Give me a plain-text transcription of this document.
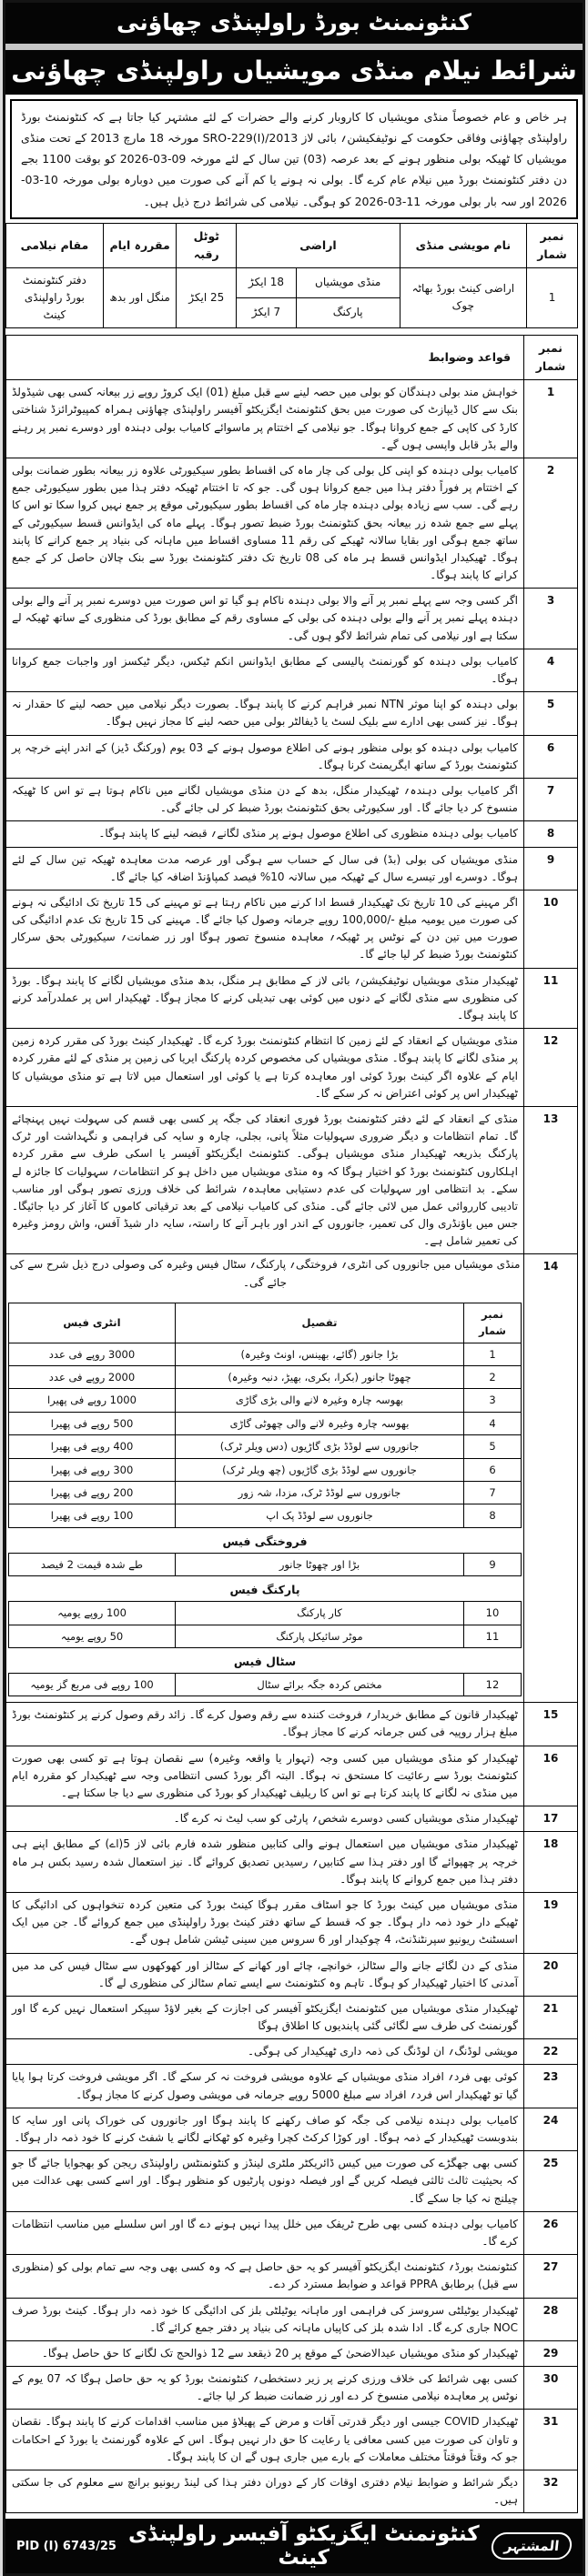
کنٹونمنٹ بورڈ راولپنڈی چھاؤنی
شرائط نیلام منڈی مویشیاں راولپنڈی چھاؤنی
ہر خاص و عام خصوصاً منڈی مویشیاں کا کاروبار کرنے والے حضرات کے لئے مشتہر کیا جاتا ہے کہ کنٹونمنٹ بورڈ راولپنڈی چھاؤنی وفاقی حکومت کے نوٹیفکیشن؍ بائی لاز SRO-229(I)/2013 مورخہ 18 مارچ 2013 کے تحت منڈی مویشیاں کا ٹھیکہ بولی منظور ہونے کے بعد عرصہ (03) تین سال کے لئے مورخہ 09-03-2026 کو بوقت 1100 بجے دن دفتر کنٹونمنٹ بورڈ میں نیلام عام کرے گا۔ بولی نہ ہونے یا کم آنے کی صورت میں دوبارہ بولی مورخہ 10-03-2026 اور سہ بار بولی مورخہ 11-03-2026 کو ہوگی۔ نیلامی کی شرائط درج ذیل ہیں۔
نمبر شمار	نام مویشی منڈی	اراضی		ٹوٹل رقبہ	مقررہ ایام	مقام نیلامی
1	اراضی کینٹ بورڈ بھاٹہ چوک	منڈی مویشیاں	18 ایکڑ	25 ایکڑ	منگل اور بدھ	دفتر کنٹونمنٹ بورڈ راولپنڈی کینٹ
		پارکنگ	7 ایکڑ			
نمبر شمار	قواعد وضوابط
1	خواہش مند بولی دہندگان کو بولی میں حصہ لینے سے قبل مبلغ (01) ایک کروڑ روپے زر بیعانہ کسی بھی شیڈولڈ بنک سے کال ڈیپازٹ کی صورت میں بحق کنٹونمنٹ ایگزیکٹو آفیسر راولپنڈی چھاؤنی ہمراہ کمپیوٹرائزڈ شناختی کارڈ کی کاپی کے جمع کروانا ہوگا۔ جو نیلامی کے اختتام پر ماسوائے کامیاب بولی دہندہ اور دوسرے نمبر پر رہنے والے بڈر قابل واپسی ہوں گے۔
2	کامیاب بولی دہندہ کو اپنی کل بولی کی چار ماہ کی اقساط بطور سیکیورٹی علاوہ زر بیعانہ بطور ضمانت بولی کے اختتام پر فوراً دفتر ہذا میں جمع کروانا ہوں گی۔ جو کہ تا اختتام ٹھیکہ دفتر ہذا میں بطور سیکیورٹی جمع رہے گی۔ سب سے زیادہ بولی دہندہ چار ماہ کی اقساط بطور سیکیورٹی موقع پر جمع نہیں کروا سکا تو اس کا پہلے سے جمع شدہ زر بیعانہ بحق کنٹونمنٹ بورڈ ضبط تصور ہوگا۔ پہلے ماہ کی ایڈوانس قسط سیکیورٹی کے ساتھ جمع ہوگی اور بقایا سالانہ ٹھیکے کی رقم 11 مساوی اقساط میں ماہانہ کی بنیاد پر جمع کرانے کا پابند ہوگا۔ ٹھیکیدار ایڈوانس قسط ہر ماہ کی 08 تاریخ تک دفتر کنٹونمنٹ بورڈ سے بنک چالان حاصل کر کے جمع کرانے کا پابند ہوگا۔
3	اگر کسی وجہ سے پہلے نمبر پر آنے والا بولی دہندہ ناکام ہو گیا تو اس صورت میں دوسرے نمبر پر آنے والے بولی دہندہ پہلے نمبر پر آنے والے بولی دہندہ کی بولی کے مساوی رقم کے مطابق بورڈ کی منظوری کے ساتھ ٹھیکہ لے سکتا ہے اور نیلامی کی تمام شرائط لاگو ہوں گی۔
4	کامیاب بولی دہندہ کو گورنمنٹ پالیسی کے مطابق ایڈوانس انکم ٹیکس، دیگر ٹیکسز اور واجبات جمع کروانا ہوگا۔
5	بولی دہندہ کو اپنا موثر NTN نمبر فراہم کرنے کا پابند ہوگا۔ بصورت دیگر نیلامی میں حصہ لینے کا حقدار نہ ہوگا۔ نیز کسی بھی ادارے سے بلیک لسٹ یا ڈیفالٹر بولی میں حصہ لینے کا مجاز نہیں ہوگا۔
6	کامیاب بولی دہندہ کو بولی منظور ہونے کی اطلاع موصول ہونے کے 03 یوم (ورکنگ ڈیز) کے اندر اپنے خرچہ پر کنٹونمنٹ بورڈ کے ساتھ ایگریمنٹ کرنا ہوگا۔
7	اگر کامیاب بولی دہندہ؍ ٹھیکیدار منگل، بدھ کے دن منڈی مویشیاں لگانے میں ناکام ہوتا ہے تو اس کا ٹھیکہ منسوخ کر دیا جائے گا۔ اور سکیورٹی بحق کنٹونمنٹ بورڈ ضبط کر لی جائے گی۔
8	کامیاب بولی دہندہ منظوری کی اطلاع موصول ہونے پر منڈی لگانے؍ قبضہ لینے کا پابند ہوگا۔
9	منڈی مویشیاں کی بولی (بڈ) فی سال کے حساب سے ہوگی اور عرصہ مدت معاہدہ ٹھیکہ تین سال کے لئے ہوگا۔ دوسرے اور تیسرے سال کے ٹھیکہ میں سالانہ 10% فیصد کمپاؤنڈ اضافہ کیا جائے گا۔
10	اگر مہینے کی 10 تاریخ تک ٹھیکیدار قسط ادا کرنے میں ناکام رہتا ہے تو مہینے کی 15 تاریخ تک ادائیگی نہ ہونے کی صورت میں یومیہ مبلغ ‎100,000/-‎ روپے جرمانہ وصول کیا جائے گا۔ مہینے کی 15 تاریخ تک عدم ادائیگی کی صورت میں تین دن کے نوٹس پر ٹھیکہ؍ معاہدہ منسوخ تصور ہوگا اور زر ضمانت؍ سیکیورٹی بحق سرکار کنٹونمنٹ بورڈ ضبط کر لیا جائے گا۔
11	ٹھیکیدار منڈی مویشیاں نوٹیفکیشن؍ بائی لاز کے مطابق ہر منگل، بدھ منڈی مویشیاں لگانے کا پابند ہوگا۔ بورڈ کی منظوری سے منڈی لگانے کے دنوں میں کوئی بھی تبدیلی کرنے کا مجاز ہوگا۔ ٹھیکیدار اس پر عملدرآمد کرنے کا پابند ہوگا۔
12	منڈی مویشیاں کے انعقاد کے لئے زمین کا انتظام کنٹونمنٹ بورڈ کرے گا۔ ٹھیکیدار کینٹ بورڈ کی مقرر کردہ زمین پر منڈی لگانے کا پابند ہوگا۔ منڈی مویشیاں کی مخصوص کردہ پارکنگ ایریا کی زمین پر منڈی کے لئے مقرر کردہ ایام کے علاوہ اگر کینٹ بورڈ کوئی اور معاہدہ کرتا ہے یا کوئی اور استعمال میں لاتا ہے تو منڈی مویشیاں کا ٹھیکیدار اس پر کوئی اعتراض نہ کر سکے گا۔
13	منڈی کے انعقاد کے لئے دفتر کنٹونمنٹ بورڈ فوری انعقاد کی جگہ پر کسی بھی قسم کی سہولت نہیں پہنچائے گا۔ تمام انتظامات و دیگر ضروری سہولیات مثلاً پانی، بجلی، چارہ و سایہ کی فراہمی و نگہداشت اور ٹرک پارکنگ بذریعہ ٹھیکیدار منڈی مویشیاں ہوگی۔ کنٹونمنٹ ایگزیکٹو آفیسر یا اسکی طرف سے مقرر کردہ اہلکاروں کنٹونمنٹ بورڈ کو اختیار ہوگا کہ وہ منڈی مویشیاں میں داخل ہو کر انتظامات؍ سہولیات کا جائزہ لے سکے۔ بد انتظامی اور سہولیات کی عدم دستیابی معاہدہ؍ شرائط کی خلاف ورزی تصور ہوگی اور مناسب تادیبی کارروائی عمل میں لائی جائے گی۔ منڈی کی کامیاب نیلامی کے بعد ترقیاتی کاموں کا آغاز کر دیا جائیگا۔ جس میں باؤنڈری وال کی تعمیر، جانوروں کے اندر اور باہر آنے کا راستہ، سایہ دار شیڈ آفس، واش رومز وغیرہ کی تعمیر شامل ہے۔
14	
منڈی مویشیاں میں جانوروں کی انٹری؍ فروختگی؍ پارکنگ؍ سٹال فیس وغیرہ کی وصولی درج ذیل شرح سے کی جائے گی۔
نمبر شمار	تفصیل	انٹری فیس
1	بڑا جانور (گائے، بھینس، اونٹ وغیرہ)	3000 روپے فی عدد
2	چھوٹا جانور (بکرا، بکری، بھیڑ، دنبہ وغیرہ)	2000 روپے فی عدد
3	بھوسہ چارہ وغیرہ لانے والی بڑی گاڑی	1000 روپے فی پھیرا
4	بھوسہ چارہ وغیرہ لانے والی چھوٹی گاڑی	500 روپے فی پھیرا
5	جانوروں سے لوڈڈ بڑی گاڑیوں (دس ویلر ٹرک)	400 روپے فی پھیرا
6	جانوروں سے لوڈڈ بڑی گاڑیوں (چھ ویلر ٹرک)	300 روپے فی پھیرا
7	جانوروں سے لوڈڈ ٹرک، مزدا، شہ زور	200 روپے فی پھیرا
8	جانوروں سے لوڈڈ پک اپ	100 روپے فی پھیرا
فروختگی فیس
9	بڑا اور چھوٹا جانور	طے شدہ قیمت 2 فیصد
پارکنگ فیس
10	کار پارکنگ	100 روپے یومیہ
11	موٹر سائیکل پارکنگ	50 روپے یومیہ
سٹال فیس
12	مختص کردہ جگہ برائے سٹال	100 روپے فی مربع گز یومیہ

15	ٹھیکیدار قانون کے مطابق خریدار؍ فروخت کنندہ سے رقم وصول کرے گا۔ زائد رقم وصول کرنے پر کنٹونمنٹ بورڈ مبلغ ہزار روپیہ فی کس جرمانہ کرنے کا مجاز ہوگا۔
16	ٹھیکیدار کو منڈی مویشیاں میں کسی وجہ (تہوار یا واقعہ وغیرہ) سے نقصان ہوتا ہے تو کسی بھی صورت کنٹونمنٹ بورڈ سے رعائیت کا مستحق نہ ہوگا۔ البتہ اگر بورڈ کسی انتظامی وجہ سے ٹھیکیدار کو مقررہ ایام میں منڈی نہ لگانے کا پابند کرتا ہے تو اس کا ریلیف ٹھیکیدار کو بورڈ کی منظوری سے دیا جا سکتا ہے۔
17	ٹھیکیدار منڈی مویشیاں کسی دوسرے شخص؍ پارٹی کو سب لیٹ نہ کرے گا۔
18	ٹھیکیدار منڈی مویشیاں میں استعمال ہونے والی کتابیں منظور شدہ فارم بائی لاز 5(اے) کے مطابق اپنے ہی خرچہ پر چھپوائے گا اور دفتر ہذا سے کتابیں؍ رسیدیں تصدیق کروائے گا۔ نیز استعمال شدہ رسید بکس ہر ماہ دفتر ہذا میں جمع کروانے کا پابند ہوگا۔
19	منڈی مویشیاں میں کینٹ بورڈ کا جو اسٹاف مقرر ہوگا کینٹ بورڈ کی متعین کردہ تنخواہوں کی ادائیگی کا ٹھیکے دار خود ذمہ دار ہوگا۔ جو کہ قسط کے ساتھ دفتر کینٹ بورڈ راولپنڈی میں جمع کروائے گا۔ جن میں ایک اسسٹنٹ ریونیو سپرنٹنڈنٹ، 4 چوکیدار اور 6 سروس مین سینی ٹیشن شامل ہوں گے۔
20	منڈی کے دن لگائے جانے والے سٹالز، خوانچے، چائے اور کھانے کے سٹالز اور کھوکھوں سے سٹال فیس کی مد میں آمدنی کا اختیار ٹھیکیدار کو ہوگا۔ تاہم وہ کنٹونمنٹ سے ایسے تمام سٹالز کی منظوری لے گا۔
21	ٹھیکیدار منڈی مویشیاں میں کنٹونمنٹ ایگزیکٹو آفیسر کی اجازت کے بغیر لاؤڈ سپیکر استعمال نہیں کرے گا اور گورنمنٹ کی طرف سے لگائی گئی پابندیوں کا اطلاق ہوگا
22	مویشی لوڈنگ؍ ان لوڈنگ کی ذمہ داری ٹھیکیدار کی ہوگی۔
23	کوئی بھی فرد؍ افراد منڈی مویشیاں کے علاوہ مویشی فروخت نہ کر سکے گا۔ اگر مویشی فروخت کرتا ہوا پایا گیا تو ٹھیکیدار اس فرد؍ افراد سے مبلغ 5000 روپے جرمانہ فی مویشی وصول کرنے کا مجاز ہوگا۔
24	کامیاب بولی دہندہ نیلامی کی جگہ کو صاف رکھنے کا پابند ہوگا اور جانوروں کی خوراک پانی اور سایہ کا بندوبست ٹھیکیدار کے ذمہ ہوگا۔ اور کوڑا کرکٹ کچرا وغیرہ کو ٹھکانے لگانے یا شفٹ کرنے کا خود ذمہ دار ہوگا۔
25	کسی بھی جھگڑے کی صورت میں کیس ڈائریکٹر ملٹری لینڈز و کنٹونمنٹس راولپنڈی ریجن کو بھجوایا جائے گا جو کہ بحیثیت ثالث ثالثی فیصلہ کریں گے اور فیصلہ دونوں پارٹیوں کو منظور ہوگا۔ اور اسے کسی بھی عدالت میں چیلنج نہ کیا جا سکے گا۔
26	کامیاب بولی دہندہ کسی بھی طرح ٹریفک میں خلل پیدا نہیں ہونے دے گا اور اس سلسلے میں مناسب انتظامات کرے گا۔
27	کنٹونمنٹ بورڈ؍ کنٹونمنٹ ایگزیکٹو آفیسر کو یہ حق حاصل ہے کہ وہ کسی بھی وجہ سے تمام بولی کو (منظوری سے قبل) برطابق PPRA قواعد و ضوابط مسترد کر دے۔
28	ٹھیکیدار یوٹیلٹی سروسز کی فراہمی اور ماہانہ یوٹیلٹی بلز کی ادائیگی کا خود ذمہ دار ہوگا۔ کینٹ بورڈ صرف NOC جاری کرے گا۔ ادا شدہ بلز کی کاپیاں ماہانہ کی بنیاد پر دفتر جمع کرائے گا۔
29	ٹھیکیدار کو منڈی مویشیاں عیدالاضحیٰ کے موقع پر 20 ذیقعد سے 12 ذوالحج تک لگانے کا حق حاصل ہوگا۔
30	کسی بھی شرائط کی خلاف ورزی کرنے پر زیر دستخطی؍ کنٹونمنٹ بورڈ کو یہ حق حاصل ہوگا کہ 07 یوم کے نوٹس پر معاہدہ نیلامی منسوخ کر دے اور زر ضمانت ضبط کر لیا جائے۔
31	ٹھیکیدار COVID جیسی اور دیگر قدرتی آفات و مرض کے پھیلاؤ میں مناسب اقدامات کرنے کا پابند ہوگا۔ نقصان و تاوان کی صورت میں کسی معافی یا رعایت کا حق دار نہیں ہوگا۔ اس کے علاوہ گورنمنٹ یا بورڈ کے احکامات جو کہ وقتاً فوقتاً مختلف معاملات کے بارے میں جاری ہوں گے ان کا پابند ہوگا۔
32	دیگر شرائط و ضوابط نیلام دفتری اوقات کار کے دوران دفتر ہذا کی لینڈ ریونیو برانچ سے معلوم کی جا سکتی ہیں۔
المشتہر
کنٹونمنٹ ایگزیکٹو آفیسر راولپنڈی کینٹ
PID (I) 6743/25
